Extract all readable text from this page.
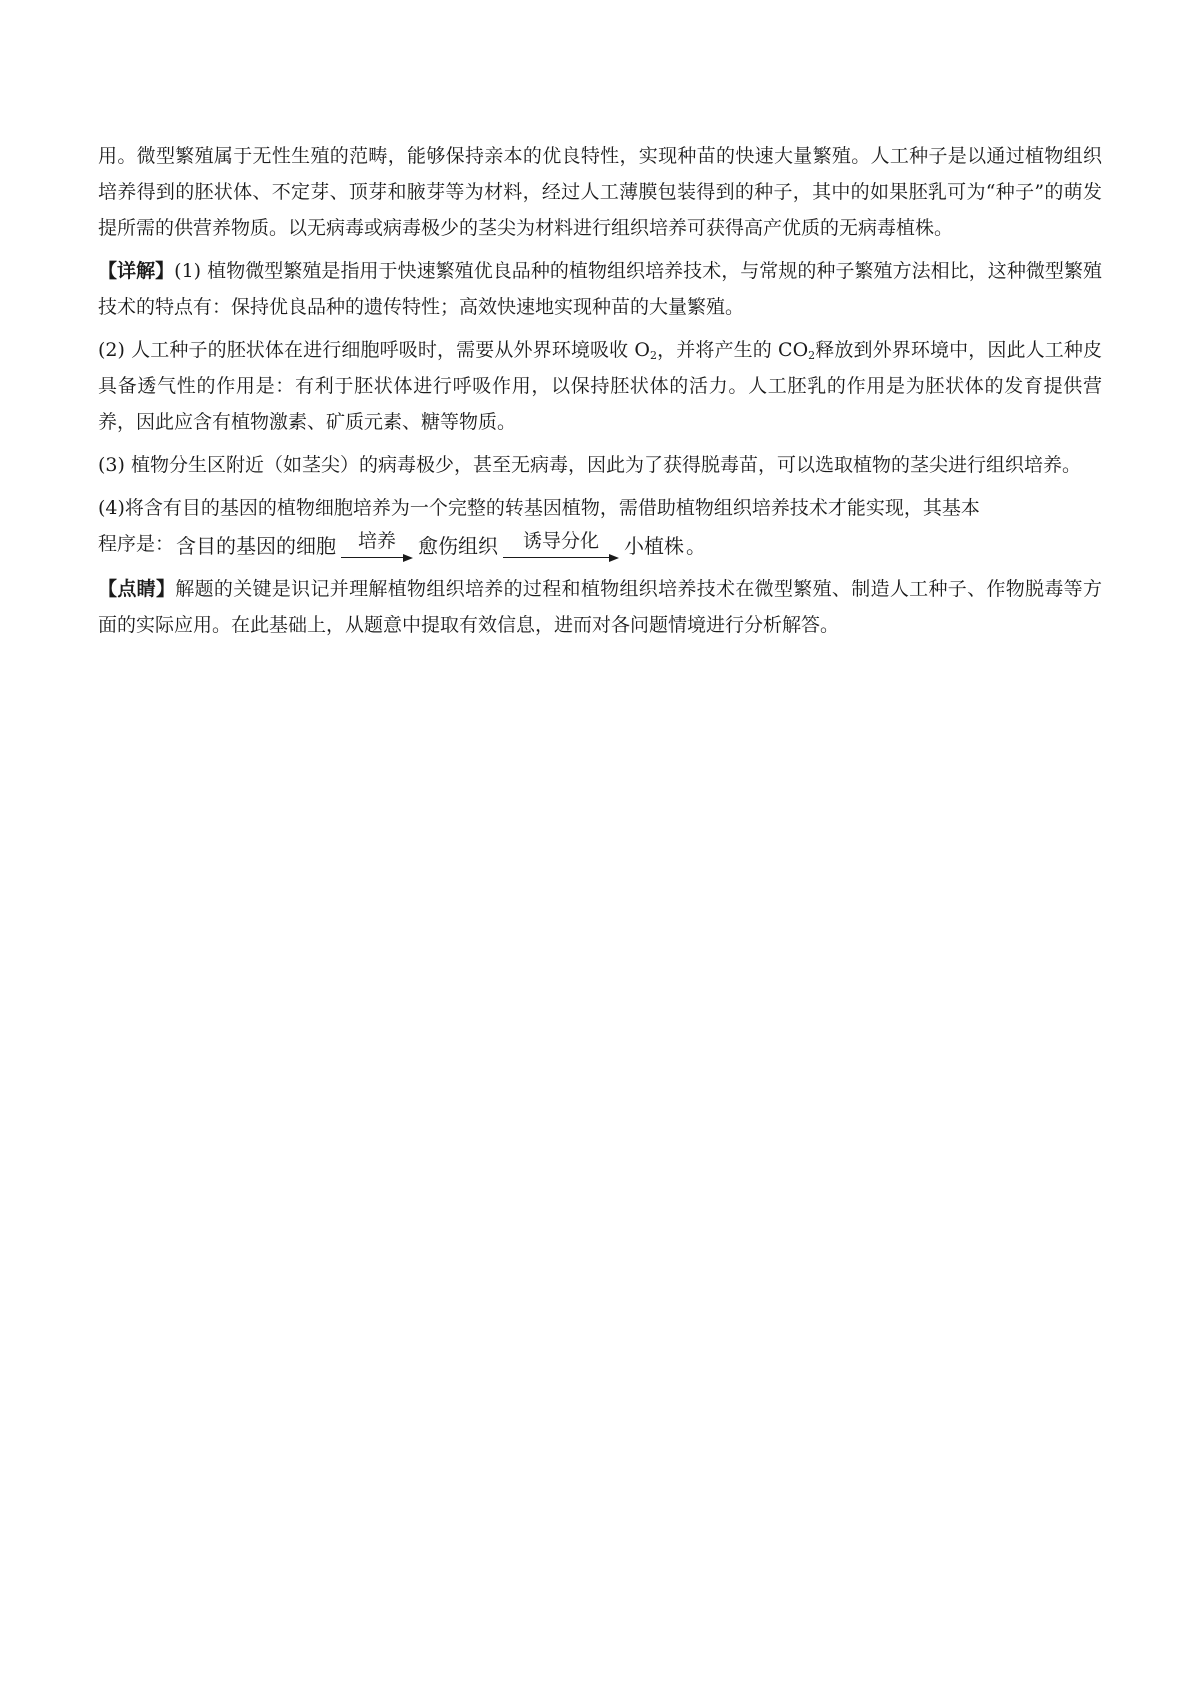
用。微型繁殖属于无性生殖的范畴，能够保持亲本的优良特性，实现种苗的快速大量繁殖。人工种子是以通过植物组织培养得到的胚状体、不定芽、顶芽和腋芽等为材料，经过人工薄膜包装得到的种子，其中的如果胚乳可为“种子”的萌发提所需的供营养物质。以无病毒或病毒极少的茎尖为材料进行组织培养可获得高产优质的无病毒植株。

【详解】(1) 植物微型繁殖是指用于快速繁殖优良品种的植物组织培养技术，与常规的种子繁殖方法相比，这种微型繁殖技术的特点有：保持优良品种的遗传特性；高效快速地实现种苗的大量繁殖。

(2) 人工种子的胚状体在进行细胞呼吸时，需要从外界环境吸收 $O_2$，并将产生的 $CO_2$释放到外界环境中，因此人工种皮具备透气性的作用是：有利于胚状体进行呼吸作用，以保持胚状体的活力。人工胚乳的作用是为胚状体的发育提供营养，因此应含有植物激素、矿质元素、糖等物质。

(3) 植物分生区附近（如茎尖）的病毒极少，甚至无病毒，因此为了获得脱毒苗，可以选取植物的茎尖进行组织培养。

(4)将含有目的基因的植物细胞培养为一个完整的转基因植物，需借助植物组织培养技术才能实现，其基本
程序是： 含目的基因的细胞	培养	愈伤组织	诱导分化	小植株 。

【点睛】解题的关键是识记并理解植物组织培养的过程和植物组织培养技术在微型繁殖、制造人工种子、作物脱毒等方面的实际应用。在此基础上，从题意中提取有效信息，进而对各问题情境进行分析解答。
